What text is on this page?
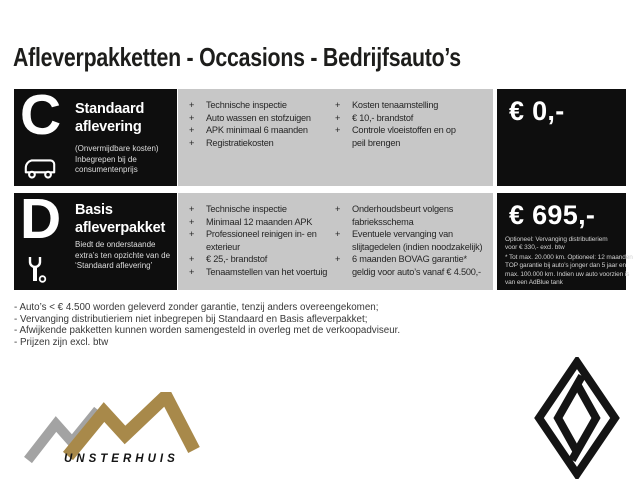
Afleverpakketten - Occasions - Bedrijfsauto’s
C Standaard
aflevering
(Onvermijdbare kosten)
Inbegrepen bij de
consumentenprijs
+ Technische inspectie
+ Auto wassen en stofzuigen
+ APK minimaal 6 maanden
+ Registratiekosten
+ Kosten tenaamstelling
+ € 10,- brandstof
+ Controle vloeistoffen en op
peil brengen
€ 0,-
D Basis
afleverpakket
Biedt de onderstaande
extra’s ten opzichte van de
‘Standaard aflevering’
+ Technische inspectie
+ Minimaal 12 maanden APK
+ Professioneel reinigen in- en
exterieur
+ € 25,- brandstof
+ Tenaamstellen van het voertuig
+ Onderhoudsbeurt volgens
fabrieksschema
+ Eventuele vervanging van
slijtagedelen (indien noodzakelijk)
+ 6 maanden BOVAG garantie*
geldig voor auto’s vanaf € 4.500,-
€ 695,-
Optioneel: Vervanging distributieriem
voor € 330,- excl. btw
* Tot max. 20.000 km. Optioneel: 12 maanden
TOP garantie bij auto’s jonger dan 5 jaar en
max. 100.000 km. Indien uw auto voorzien is
van een AdBlue tank
- Auto’s < € 4.500 worden geleverd zonder garantie, tenzij anders overeengekomen;
- Vervanging distributieriem niet inbegrepen bij Standaard en Basis afleverpakket;
- Afwijkende pakketten kunnen worden samengesteld in overleg met de verkoopadviseur.
- Prijzen zijn excl. btw
UNSTERHUIS
